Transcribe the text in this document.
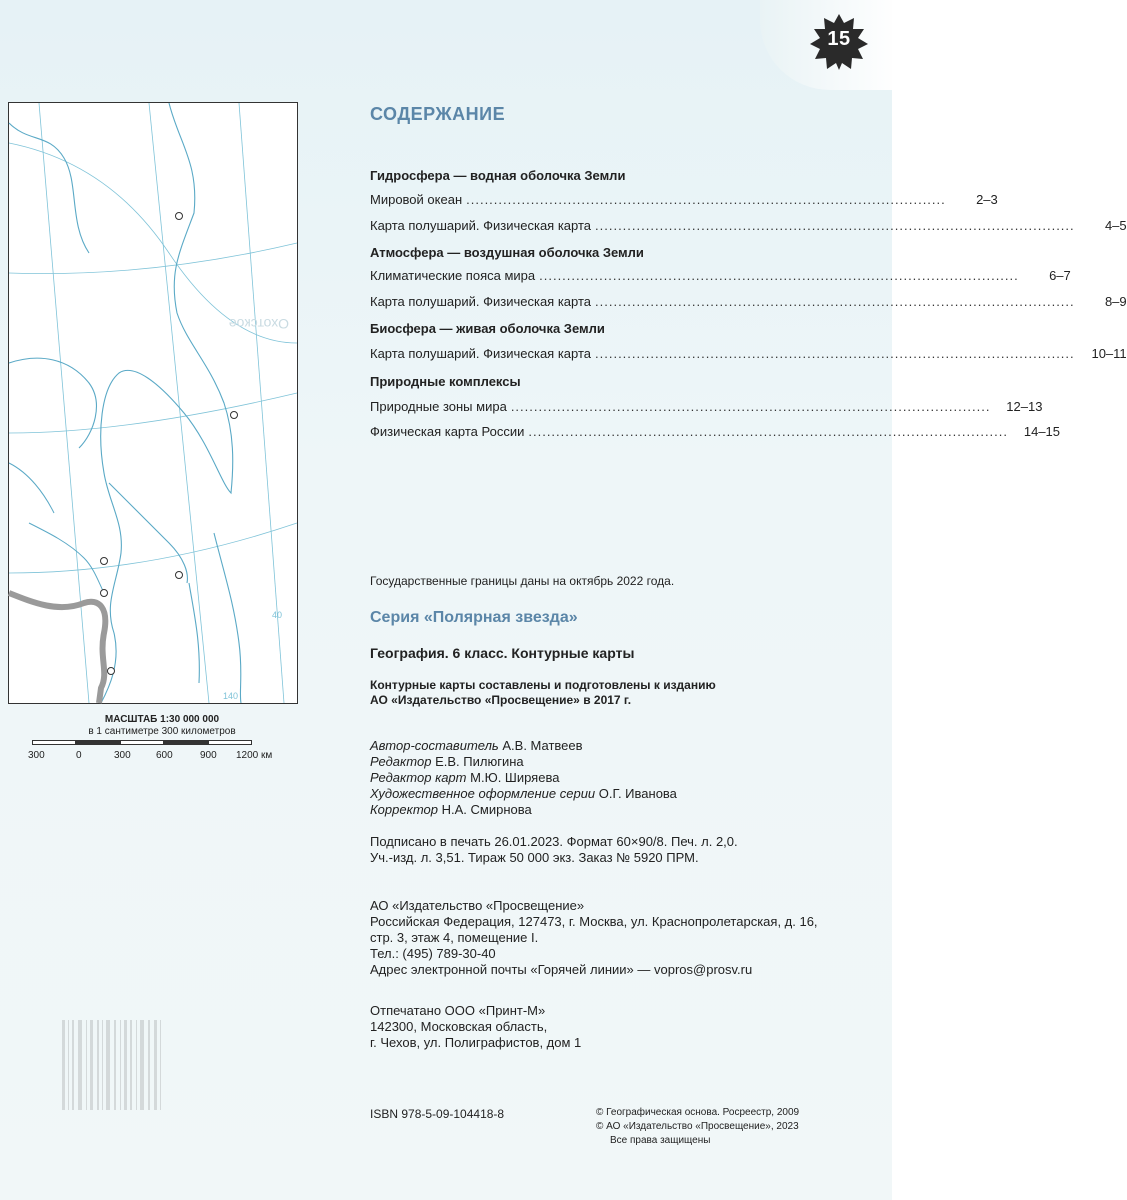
15
40
140
Охотское
МАСШТАБ 1:30 000 000
в 1 сантиметре 300 километров
300	0	300	600	900 1200 км
СОДЕРЖАНИЕ
Гидросфера — водная оболочка Земли
Мировой океан ........................................................................................................	2–3
Карта полушарий. Физическая карта ........................................................................................................	4–5
Атмосфера — воздушная оболочка Земли
Климатические пояса мира ........................................................................................................	6–7
Карта полушарий. Физическая карта ........................................................................................................	8–9
Биосфера — живая оболочка Земли
Карта полушарий. Физическая карта ........................................................................................................	10–11
Природные комплексы
Природные зоны мира ........................................................................................................	12–13
Физическая карта России ........................................................................................................	14–15
Государственные границы даны на октябрь 2022 года.
Серия «Полярная звезда»
География. 6 класс. Контурные карты
Контурные карты составлены и подготовлены к изданию
АО «Издательство «Просвещение» в 2017 г.
Автор-составитель А.В. Матвеев
Редактор Е.В. Пилюгина
Редактор карт М.Ю. Ширяева
Художественное оформление серии О.Г. Иванова
Корректор Н.А. Смирнова
Подписано в печать 26.01.2023. Формат 60×90/8. Печ. л. 2,0.
Уч.-изд. л. 3,51. Тираж 50 000 экз. Заказ № 5920 ПРМ.
АО «Издательство «Просвещение»
Российская Федерация, 127473, г. Москва, ул. Краснопролетарская, д. 16,
стр. 3, этаж 4, помещение I.
Тел.: (495) 789-30-40
Адрес электронной почты «Горячей линии» — vopros@prosv.ru
Отпечатано ООО «Принт-М»
142300, Московская область,
г. Чехов, ул. Полиграфистов, дом 1
ISBN 978-5-09-104418-8	© Географическая основа. Росреестр, 2009
© АО «Издательство «Просвещение», 2023
Все права защищены
